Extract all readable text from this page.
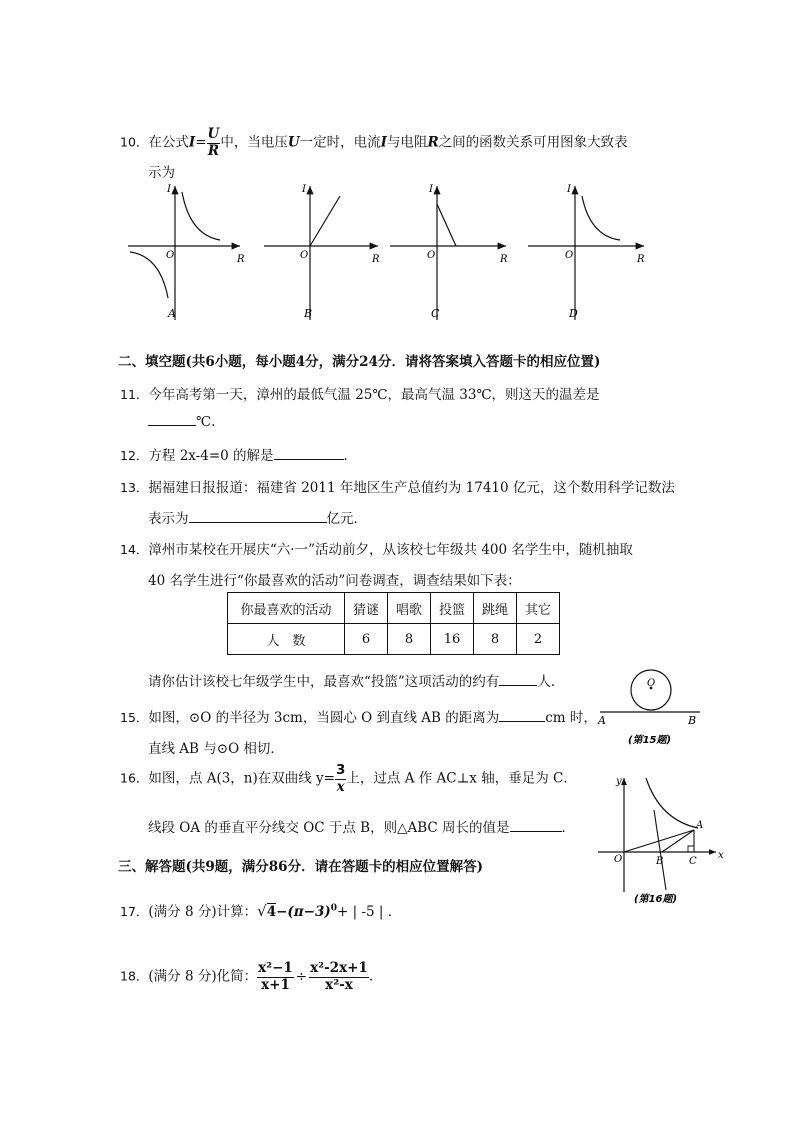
10．在公式$I= \frac{U}{R}$ 中，当电压U一定时，电流I与电阻R之间的函数关系可用图象大致表
示为
O	R
I
A
O	R
I
B
O	R
I
C
O	R
I
D
二、填空题(共6小题，每小题4分，满分24分．请将答案填入答题卡的相应位置)
11．今年高考第一天，漳州的最低气温 25℃，最高气温 33℃，则这天的温差是
℃.
12．方程 2x-4=0 的解是	．
13．据福建日报报道：福建省 2011 年地区生产总值约为 17410 亿元，这个数用科学记数法
表示为	亿元．
14．漳州市某校在开展庆“六·一”活动前夕，从该校七年级共 400 名学生中，随机抽取
40 名学生进行“你最喜欢的活动”问卷调查，调查结果如下表：
你最喜欢的活动	猜谜	唱歌	投篮	跳绳	其它
人　数	6	8	16	8	2
请你估计该校七年级学生中，最喜欢“投篮”这项活动的约有	人.	O
A	B
(第15题)
15．如图，⊙O 的半径为 3cm，当圆心 O 到直线 AB 的距离为	cm 时，
直线 AB 与⊙O 相切．
16．如图，点 A(3，n)在双曲线 $y= \frac{3}{x}$ 上，过点 A 作 AC⊥x 轴，垂足为 C．
线段 OA 的垂直平分线交 OC 于点 B，则△ABC 周长的值是	．
y
x
O
A
B	C
(第16题)
三、解答题(共9题，满分86分．请在答题卡的相应位置解答)
17．(满分 8 分)计算：$√4-(\pi-3)^0+$ | -5 | ．
18．(满分 8 分)化简： $\frac{\text{x²−1}}{x+1} \div \frac{\text{x²-2x+1}}{\text{x²-x}}$ .
